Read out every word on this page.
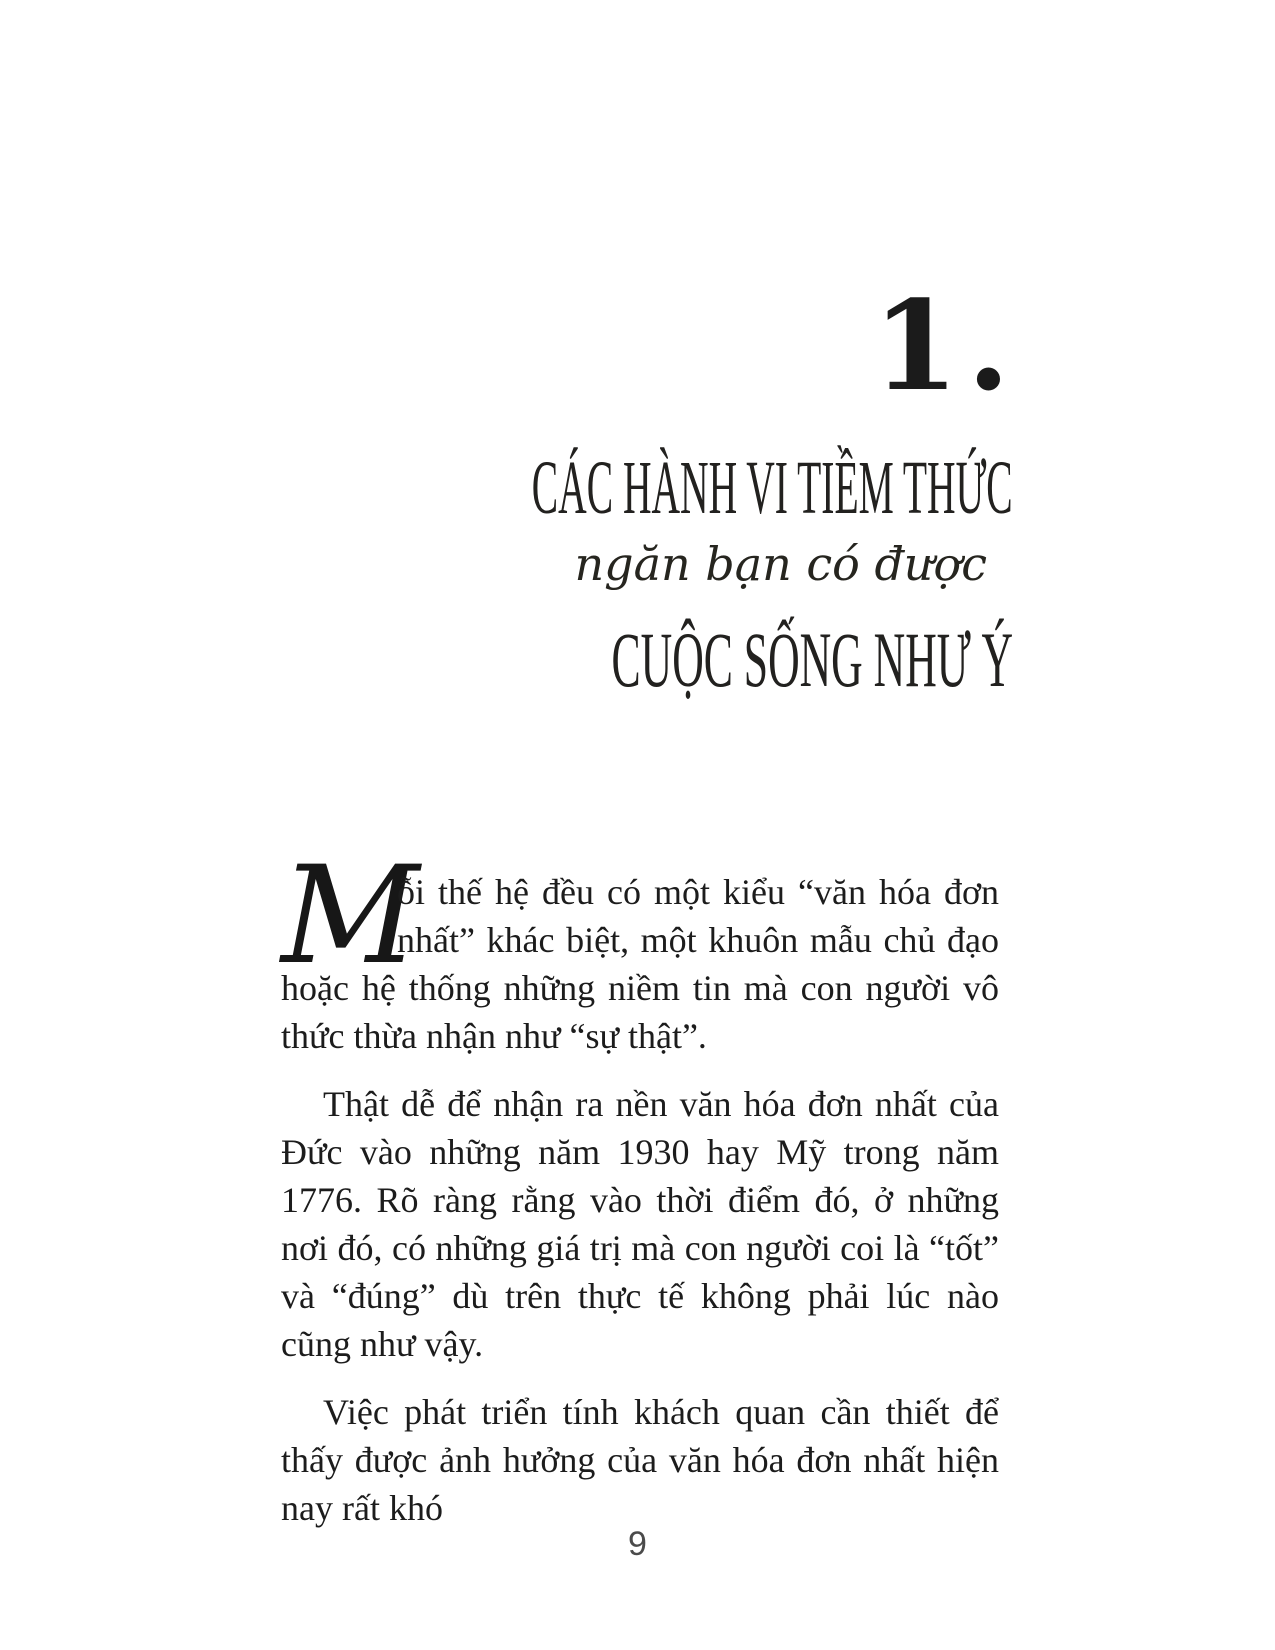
1.
CÁC HÀNH VI TIỀM THỨC
ngăn bạn có được
CUỘC SỐNG NHƯ Ý

M
ỗi thế hệ đều có một kiểu “văn hóa đơn nhất” khác biệt, một khuôn mẫu chủ đạo hoặc hệ thống những niềm tin mà con người vô thức thừa nhận như “sự thật”.

Thật dễ để nhận ra nền văn hóa đơn nhất của Đức vào những năm 1930 hay Mỹ trong năm 1776. Rõ ràng rằng vào thời điểm đó, ở những nơi đó, có những giá trị mà con người coi là “tốt” và “đúng” dù trên thực tế không phải lúc nào cũng như vậy.

Việc phát triển tính khách quan cần thiết để thấy được ảnh hưởng của văn hóa đơn nhất hiện nay rất khó

9
